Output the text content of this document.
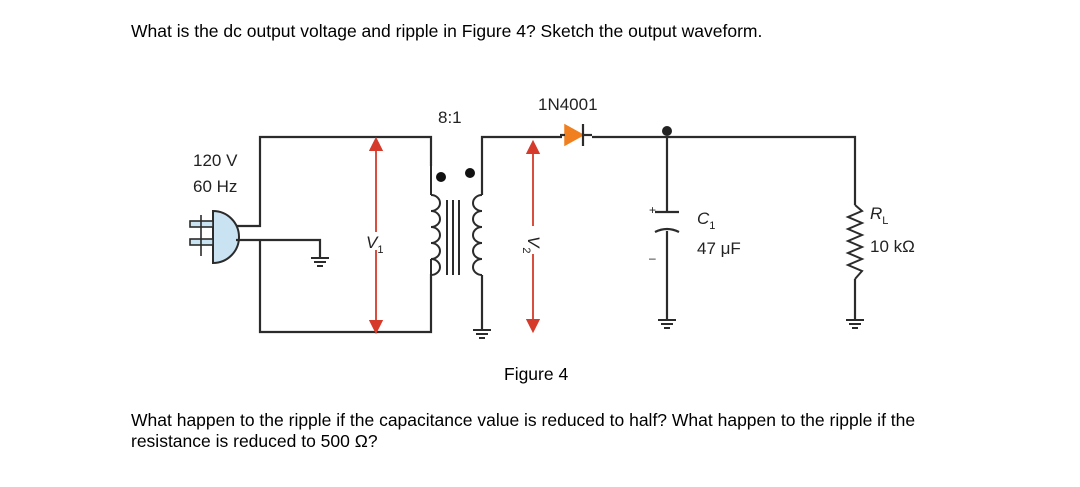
What is the dc output voltage and ripple in Figure 4? Sketch the output waveform.

$V_1$
8:1
1N4001
$V_2$
+
–
$C_1$
47 μF
$R_L$
10 kΩ
120 V
60 Hz
Figure 4

What happen to the ripple if the capacitance value is reduced to half? What happen to the ripple if the resistance is reduced to 500 Ω?
